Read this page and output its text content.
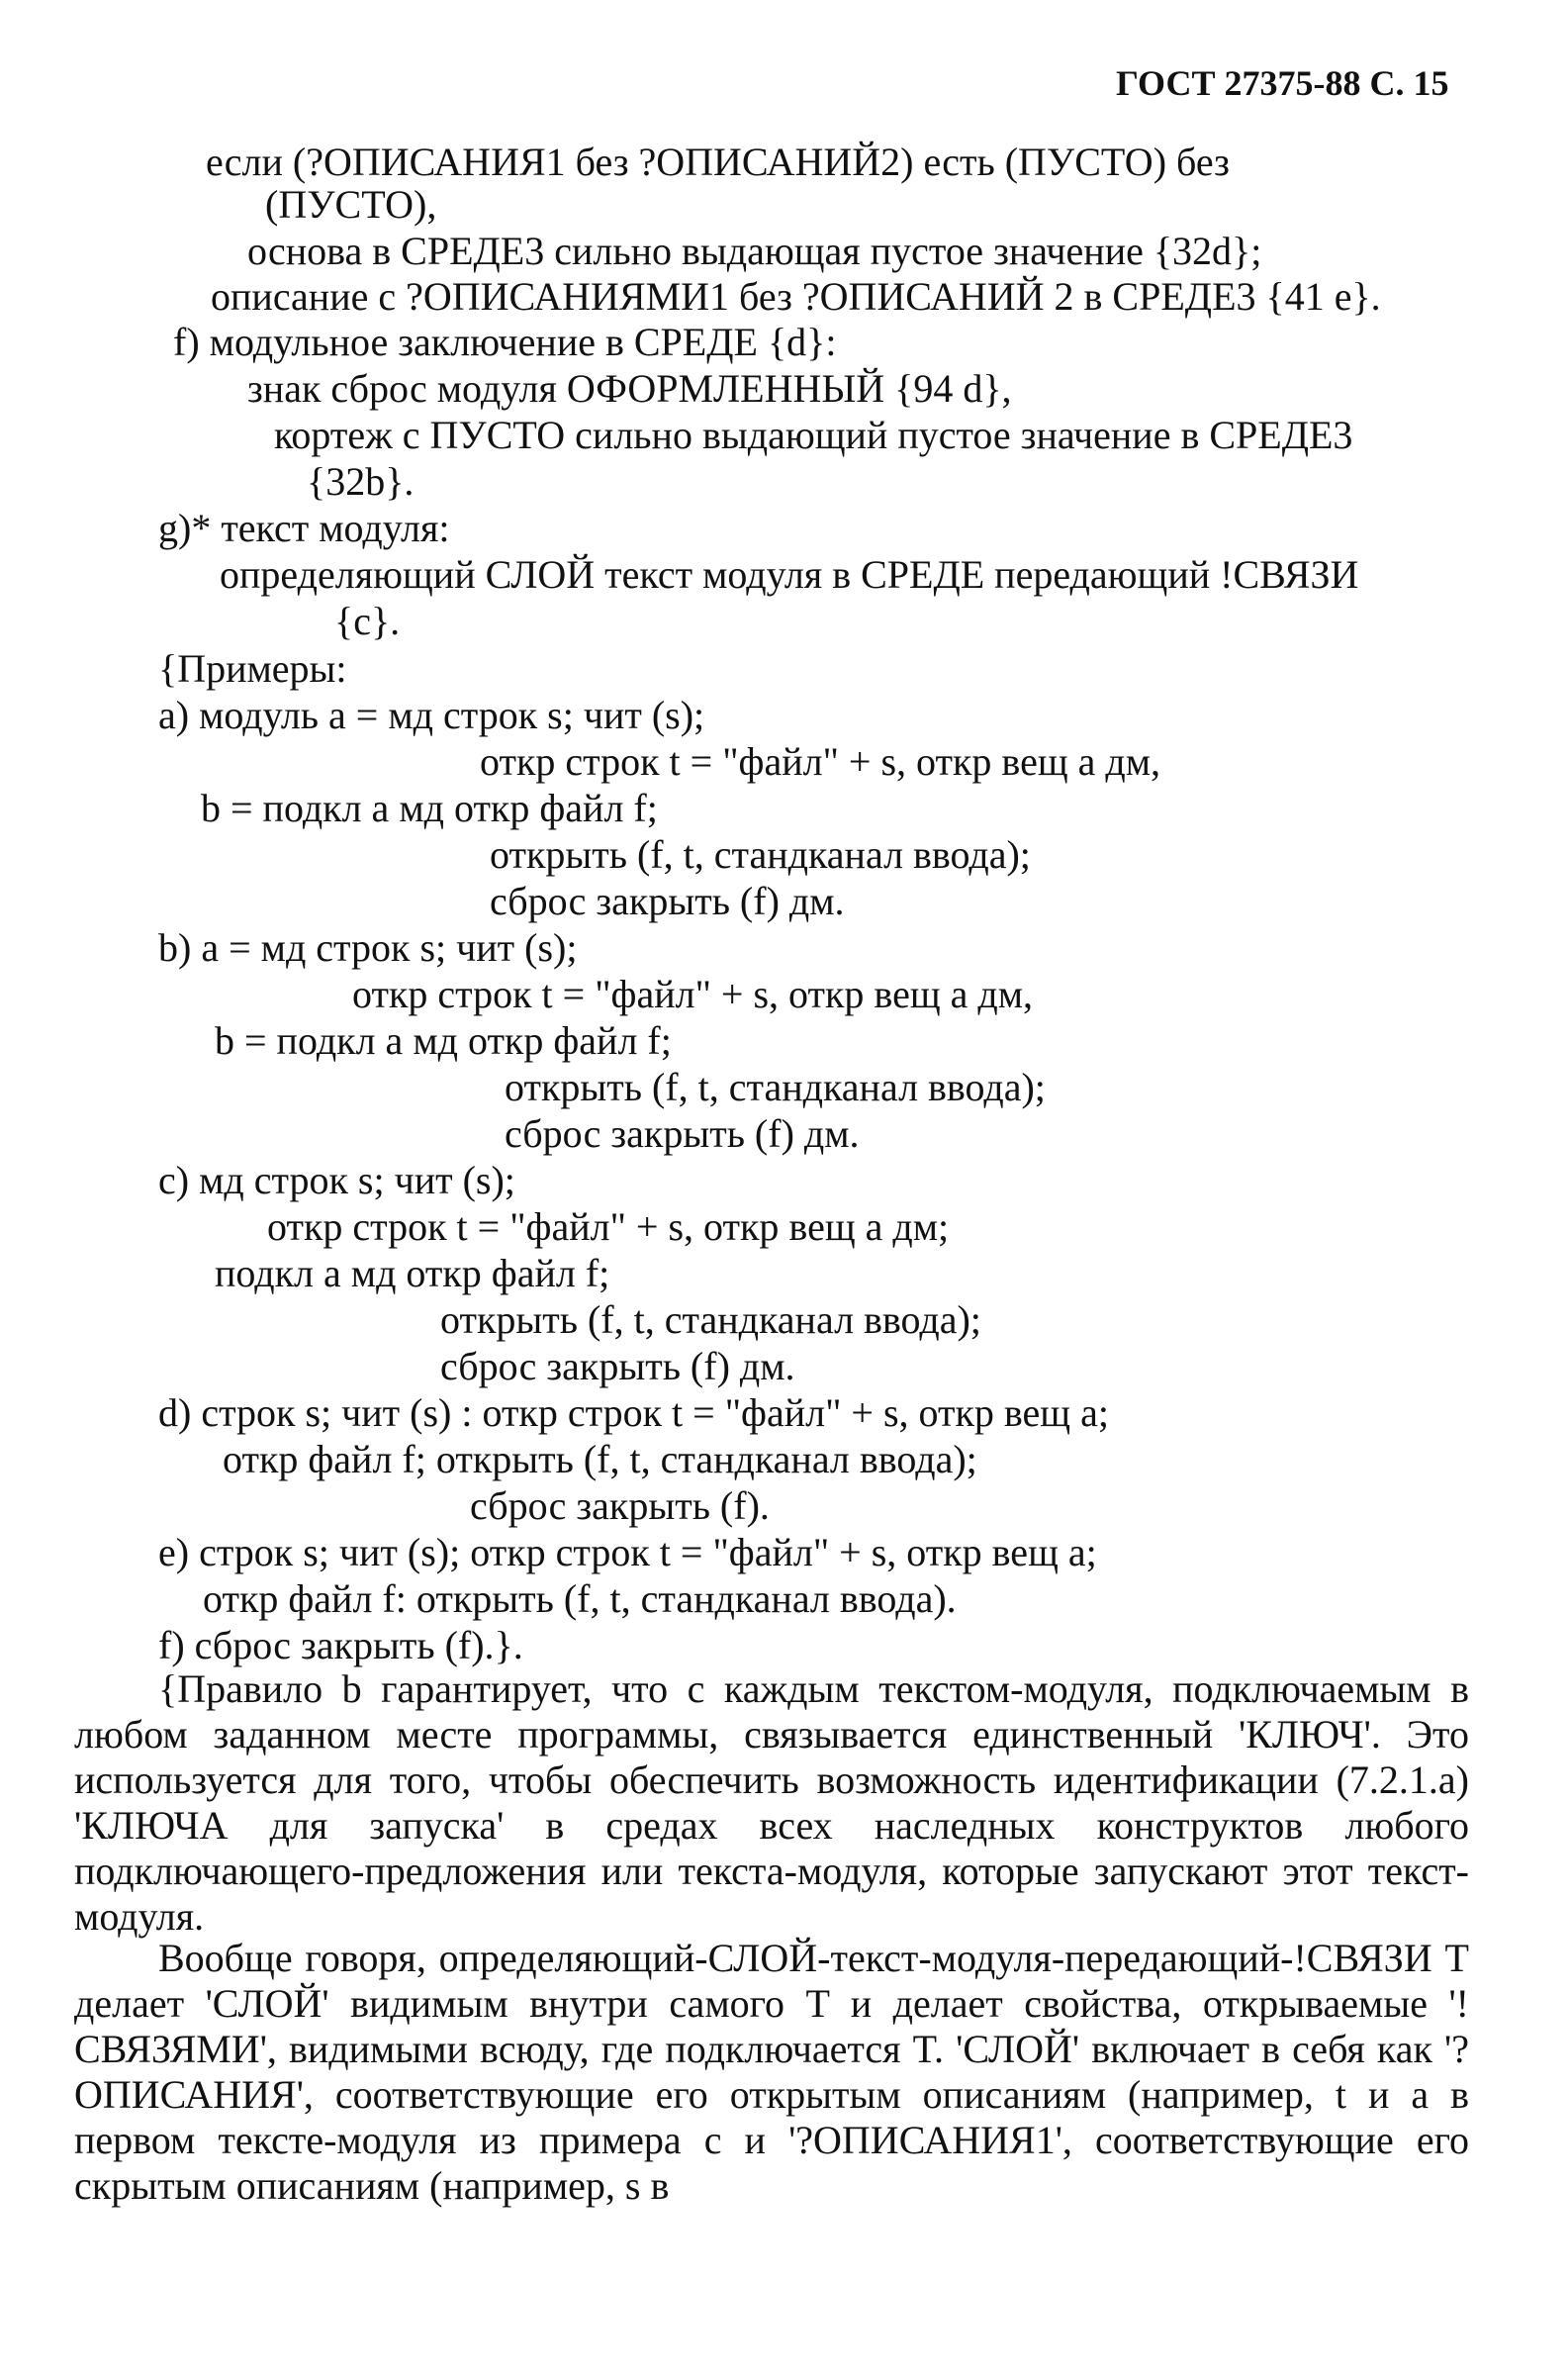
ГОСТ 27375-88 С. 15
если (?ОПИСАНИЯ1 без ?ОПИСАНИЙ2) есть (ПУСТО) без
(ПУСТО),
основа в СРЕДЕ3 сильно выдающая пустое значение {32d};
описание с ?ОПИСАНИЯМИ1 без ?ОПИСАНИЙ 2 в СРЕДЕ3 {41 e}.
f) модульное заключение в СРЕДЕ {d}:
знак сброс модуля ОФОРМЛЕННЫЙ {94 d},
кортеж с ПУСТО сильно выдающий пустое значение в СРЕДЕ3
{32b}.
g)* текст модуля:
определяющий СЛОЙ текст модуля в СРЕДЕ передающий !СВЯЗИ
{c}.
{Примеры:
a) модуль а = мд строк s; чит (s);
откр строк t = "файл" + s, откр вещ а дм,
b = подкл а мд откр файл f;
открыть (f, t, стандканал ввода);
сброс закрыть (f) дм.
b) а = мд строк s; чит (s);
откр строк t = "файл" + s, откр вещ а дм,
b = подкл а мд откр файл f;
открыть (f, t, стандканал ввода);
сброс закрыть (f) дм.
c) мд строк s; чит (s);
откр строк t = "файл" + s, откр вещ а дм;
подкл а мд откр файл f;
открыть (f, t, стандканал ввода);
сброс закрыть (f) дм.
d) строк s; чит (s) : откр строк t = "файл" + s, откр вещ а;
откр файл f; открыть (f, t, стандканал ввода);
сброс закрыть (f).
e) строк s; чит (s); откр строк t = "файл" + s, откр вещ а;
откр файл f: открыть (f, t, стандканал ввода).
f) сброс закрыть (f).}.

{Правило b гарантирует, что с каждым текстом-модуля, подключаемым в любом заданном месте программы, связывается единственный 'КЛЮЧ'. Это используется для того, чтобы обеспечить возможность идентификации (7.2.1.a) 'КЛЮЧА для запуска' в средах всех наследных конструктов любого подключающего-предложения или текста-модуля, которые запускают этот текст-модуля.

Вообще говоря, определяющий-СЛОЙ-текст-модуля-передающий-!СВЯЗИ T делает 'СЛОЙ' видимым внутри самого T и делает свойства, открываемые '!СВЯЗЯМИ', видимыми всюду, где подключается T. 'СЛОЙ' включает в себя как '?ОПИСАНИЯ', соответствующие его открытым описаниям (например, t и а в первом тексте-модуля из примера c и '?ОПИСАНИЯ1', соответствующие его скрытым описаниям (например, s в
